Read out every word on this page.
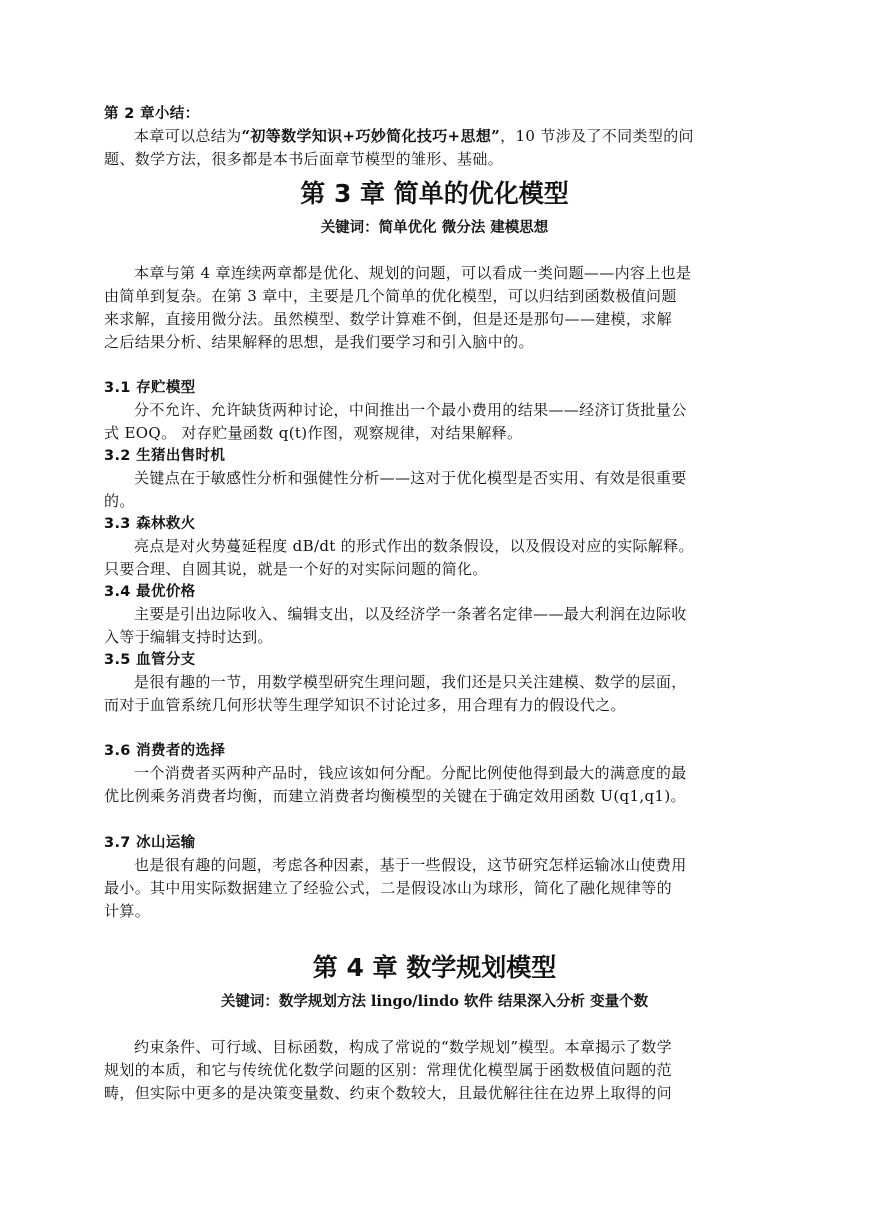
第 2 章小结：
本章可以总结为“初等数学知识+巧妙简化技巧+思想”，10 节涉及了不同类型的问
题、数学方法，很多都是本书后面章节模型的雏形、基础。
第 3 章 简单的优化模型
关键词：简单优化 微分法 建模思想
本章与第 4 章连续两章都是优化、规划的问题，可以看成一类问题——内容上也是
由简单到复杂。在第 3 章中，主要是几个简单的优化模型，可以归结到函数极值问题
来求解，直接用微分法。虽然模型、数学计算难不倒，但是还是那句——建模，求解
之后结果分析、结果解释的思想，是我们要学习和引入脑中的。
3.1 存贮模型
分不允许、允许缺货两种讨论，中间推出一个最小费用的结果——经济订货批量公
式 EOQ。 对存贮量函数 q(t)作图，观察规律，对结果解释。
3.2 生猪出售时机
关键点在于敏感性分析和强健性分析——这对于优化模型是否实用、有效是很重要
的。
3.3 森林救火
亮点是对火势蔓延程度 dB/dt 的形式作出的数条假设，以及假设对应的实际解释。
只要合理、自圆其说，就是一个好的对实际问题的简化。
3.4 最优价格
主要是引出边际收入、编辑支出，以及经济学一条著名定律——最大利润在边际收
入等于编辑支持时达到。
3.5 血管分支
是很有趣的一节，用数学模型研究生理问题，我们还是只关注建模、数学的层面，
而对于血管系统几何形状等生理学知识不讨论过多，用合理有力的假设代之。
3.6 消费者的选择
一个消费者买两种产品时，钱应该如何分配。分配比例使他得到最大的满意度的最
优比例乘务消费者均衡，而建立消费者均衡模型的关键在于确定效用函数 U(q1,q1)。
3.7 冰山运输
也是很有趣的问题，考虑各种因素，基于一些假设，这节研究怎样运输冰山使费用
最小。其中用实际数据建立了经验公式，二是假设冰山为球形，简化了融化规律等的
计算。
第 4 章 数学规划模型
关键词：数学规划方法 lingo/lindo 软件 结果深入分析 变量个数
约束条件、可行域、目标函数，构成了常说的“数学规划”模型。本章揭示了数学
规划的本质，和它与传统优化数学问题的区别：常理优化模型属于函数极值问题的范
畴，但实际中更多的是决策变量数、约束个数较大，且最优解往往在边界上取得的问
